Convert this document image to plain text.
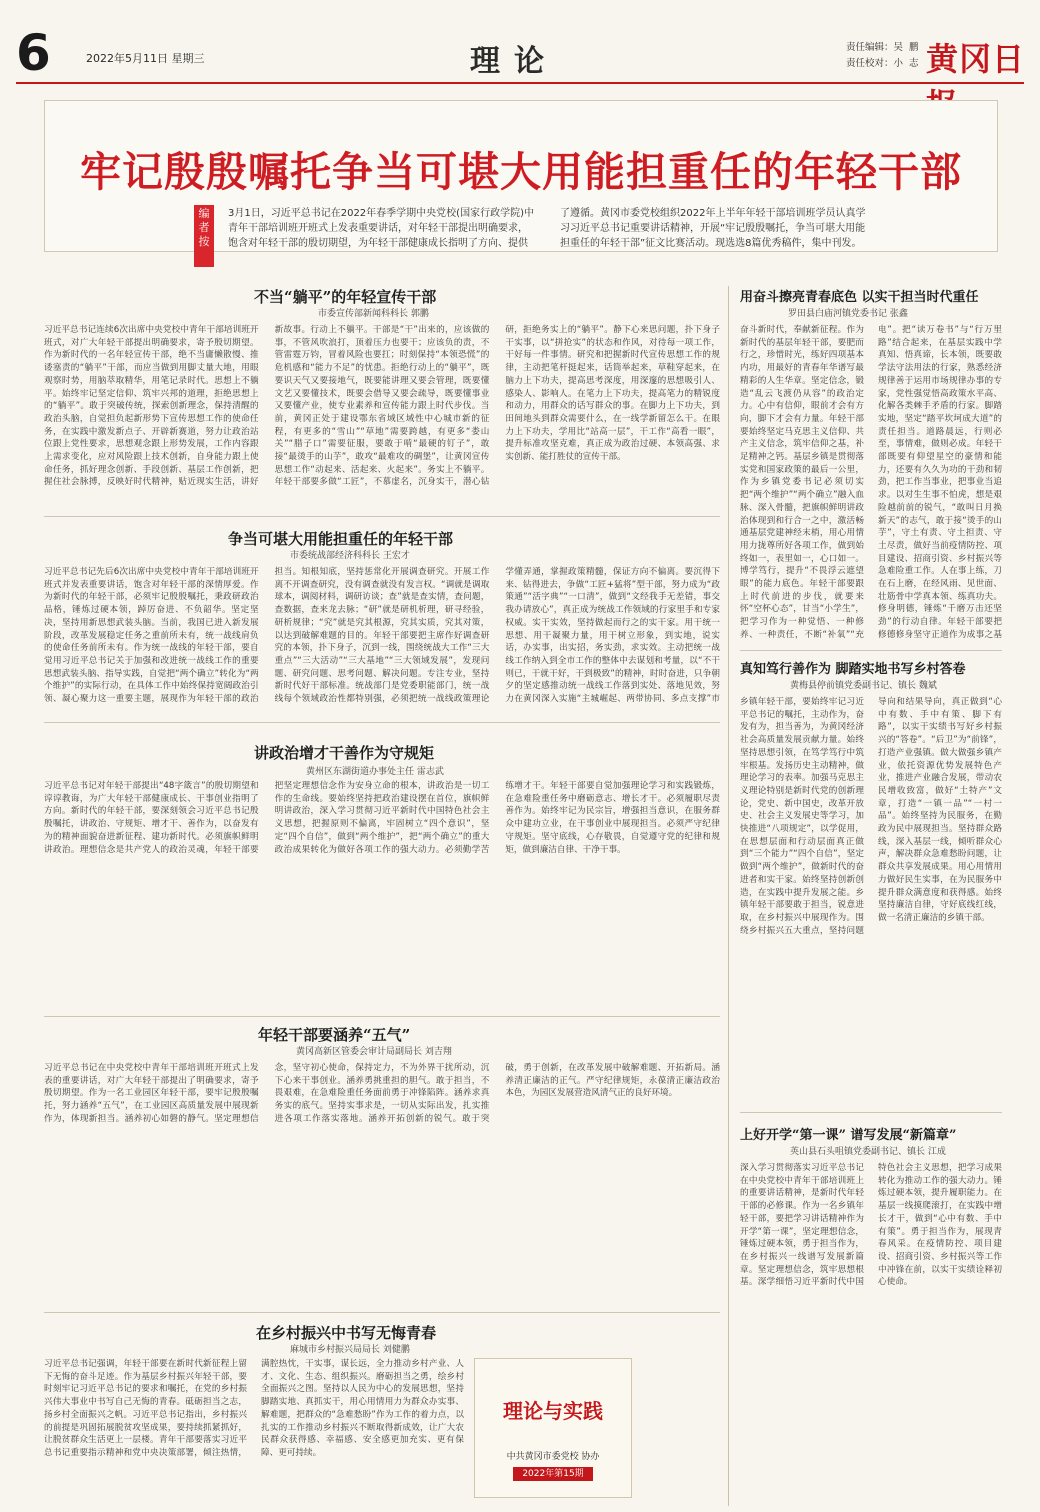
6	2022年5月11日 星期三	理论	责任编辑：吴  鹏
责任校对：小  志 黄冈日
牢记殷殷嘱托争当可堪大用能担重任的年轻干部
编者按
3月1日，习近平总书记在2022年春季学期中央党校(国家行政学院)中青年干部培训班开班式上发表重要讲话，对年轻干部提出明确要求，饱含对年轻干部的殷切期望，为年轻干部健康成长指明了方向、提供了遵循。黄冈市委党校组织2022年上半年年轻干部培训班学员认真学习习近平总书记重要讲话精神，开展“牢记殷殷嘱托，争当可堪大用能担重任的年轻干部”征文比赛活动。现选选8篇优秀稿件，集中刊发。
不当“躺平”的年轻宣传干部
市委宣传部新闻科科长 郭鹏
习近平总书记连续6次出席中央党校中青年干部培训班开班式，对广大年轻干部提出明确要求，寄予殷切期望。作为新时代的一名年轻宣传干部，绝不当庸懒散慢、推诿塞责的“躺平”干部，而应当做到用脚丈量大地，用眼观察时势，用脑萃取精华，用笔记录时代。思想上不躺平。始终牢记坚定信仰、筑牢兴邦的道理，拒绝思想上的“躺平”。敢于突破传统，探索创新理念，保持清醒的政治头脑，自觉担负起新形势下宣传思想工作的使命任务，在实践中激发新点子、开辟新赛道，努力让政治站位跟上党性要求，思想观念跟上形势发展，工作内容跟上需求变化，应对风险跟上技术创新，自身能力跟上使命任务，抓好理念创新、手段创新、基层工作创新，把握住社会脉搏，反映好时代精神，贴近现实生活，讲好新故事。行动上不躺平。干部是“干”出来的，应该做的事，不管风吹浪打，顶着压力也要干；应该负的责，不管雷霆万钧，冒着风险也要扛；时刻保持“本领恐慌”的危机感和“能力不足”的忧患。拒绝行动上的“躺平”，既要识天气又要接地气，既要能讲理又要会管理，既要懂文艺又要懂技术，既要会借导又要会疏导，既要懂事业又要懂产业，使专业素养和宣传能力跟上时代步伐。当前，黄冈正处于建设鄂东省域区域性中心城市新的征程，有更多的“雪山”“草地”需要跨越，有更多“娄山关”“腊子口”需要征服，要敢于啃“最硬的钉子”，敢接“最烫手的山芋”，敢攻“最难攻的碉堡”，让黄冈宣传思想工作“动起来、活起来、火起来”。务实上不躺平。年轻干部要多做“工匠”，不慕虚名，沉身实干，潜心钻研，拒绝务实上的“躺平”。静下心来思问题，扑下身子干实事，以“拼抢实”的状态和作风，对待每一项工作，干好每一件事情。研究和把握新时代宣传思想工作的规律，主动把笔杆挺起来，话筒举起来，草鞋穿起来，在脑力上下功夫，提高思考深度，用深邃的思想吸引人、感染人、影响人。在笔力上下功夫，提高笔力的精锐度和动力，用群众的话写群众的事。在脚力上下功夫，到田间地头到群众需要什么，在一线学新留怎么干。在眼力上下功夫，学用比“站高一层”，干工作“高看一眼”，提升标准攻坚克难，真正成为政治过硬、本领高强、求实创新、能打胜仗的宣传干部。
争当可堪大用能担重任的年轻干部
市委统战部经济科科长 王宏才
习近平总书记先后6次出席中央党校中青年干部培训班开班式并发表重要讲话，饱含对年轻干部的深情厚爱。作为新时代的年轻干部，必须牢记殷殷嘱托，秉政研政治品格，锤炼过硬本领，踔厉奋进、不负韶华。坚定坚决，坚持用新思想武装头脑。当前，我国已进入新发展阶段，改革发展稳定任务之重前所未有，统一战线肩负的使命任务前所未有。作为统一战线的年轻干部，要自觉用习近平总书记关于加强和改进统一战线工作的重要思想武装头脑、指导实践，自觉把“两个确立”转化为“两个维护”的实际行动，在具体工作中始终保持宽阔政治引领、凝心聚力这一重要主题，展现作为年轻干部的政治担当。知根知底，坚持惩常化开展调查研究。开展工作离不开调查研究，没有调查就没有发言权。“调就是调取球本，调阅材料，调研访谈；查”就是查实情，查问题，查数据，查来龙去脉；“研”就是研机析理，研寻经验，研析规律；“究”就是究其根源，究其实质，究其对策，以达到破解难题的目的。年轻干部要把主席作好调查研究的本领，扑下身子，沉到一线，围绕统战大工作“三大重点”“三大活动”“三大基地”“三大领域发展”，发现问题、研究问题、思考问题、解决问题。专注专业，坚持新时代好干部标准。统战部门是党委职能部门，统一战线每个领域政治性都特别强，必须把统一战线政策理论学懂弄通，掌握政策精髓，保证方向不偏离。要沉得下来、钻得进去，争做“工匠+猛将”型干部，努力成为“政策通”“活字典”“一口清”，做到“文经我手无差错，事交我办请放心”，真正成为统战工作领域的行家里手和专家权威。实干实效，坚持做起而行之的实干家。用干统一思想、用干凝聚力量，用干树立形象，到实地，说实话，办实事，出实招，务实劲，求实效。主动把统一战线工作纳入到全市工作的整体中去谋划和考量，以“不干则已，干就干好，干到极致”的精神，时时奋进，只争朝夕的坚定感推动统一战线工作落到实处、落地见效，努力在黄冈深入实施“主城崛起、两带协同、多点支撑”市
讲政治增才干善作为守规矩
黄州区东湖街道办事处主任 雷志武
习近平总书记对年轻干部提出“48字箴言”的殷切期望和谆谆教诲，为广大年轻干部健康成长、干事创业指明了方向。新时代的年轻干部，要深刻领会习近平总书记殷殷嘱托，讲政治、守规矩、增才干、善作为，以奋发有为的精神面貌奋进新征程、建功新时代。必须旗帜鲜明讲政治。理想信念是共产党人的政治灵魂，年轻干部要把坚定理想信念作为安身立命的根本，讲政治是一切工作的生命线。要始终坚持把政治建设摆在首位，旗帜鲜明讲政治，深入学习贯彻习近平新时代中国特色社会主义思想，把握原则不偏离，牢固树立“四个意识”，坚定“四个自信”，做到“两个维护”，把“两个确立”的重大政治成果转化为做好各项工作的强大动力。必须勤学苦练增才干。年轻干部要自觉加强理论学习和实践锻炼，在急难险重任务中磨砺意志、增长才干。必须履职尽责善作为。始终牢记为民宗旨，增强担当意识，在服务群众中建功立业，在干事创业中展现担当。必须严守纪律守规矩。坚守底线，心存敬畏，自觉遵守党的纪律和规矩，做到廉洁自律、干净干事。
年轻干部要涵养“五气”
黄冈高新区管委会审计局副局长 刘吉翔
习近平总书记在中央党校中青年干部培训班开班式上发表的重要讲话，对广大年轻干部提出了明确要求，寄予殷切期望。作为一名工业园区年轻干部，要牢记殷殷嘱托，努力涵养“五气”，在工业园区高质量发展中展现新作为，体现新担当。涵养初心如磐的静气。坚定理想信念，坚守初心使命，保持定力，不为外界干扰所动，沉下心来干事创业。涵养勇挑重担的胆气。敢于担当，不畏艰难，在急难险重任务面前勇于冲锋陷阵。涵养求真务实的底气。坚持实事求是，一切从实际出发，扎实推进各项工作落实落地。涵养开拓创新的锐气。敢于突破，勇于创新，在改革发展中破解难题、开拓新局。涵养清正廉洁的正气。严守纪律规矩，永葆清正廉洁政治本色，为园区发展营造风清气正的良好环境。
在乡村振兴中书写无悔青春
麻城市乡村振兴局局长 刘健鹏
习近平总书记强调，年轻干部要在新时代新征程上留下无悔的奋斗足迹。作为基层乡村振兴年轻干部，要时刻牢记习近平总书记的要求和嘱托，在党的乡村振兴伟大事业中书写自己无悔的青春。砥砺担当之志，扬乡村全面振兴之帆。习近平总书记指出，乡村振兴的前提是巩固拓展脱贫攻坚成果，要持续抓紧抓好，让脱贫群众生活更上一层楼。青年干部要落实习近平总书记重要指示精神和党中央决策部署，倾注热情，满腔热忱，干实事，谋长远，全力推动乡村产业、人才、文化、生态、组织振兴。磨砺担当之勇，绘乡村全面振兴之图。坚持以人民为中心的发展思想，坚持脚踏实地、真抓实干，用心用情用力为群众办实事、解难题，把群众的“急难愁盼”作为工作的着力点，以扎实的工作推动乡村振兴不断取得新成效，让广大农民群众获得感、幸福感、安全感更加充实、更有保障、更可持续。
理论与实践
中共黄冈市委党校 协办
2022年第15期
用奋斗擦亮青春底色 以实干担当时代重任
罗田县白庙河镇党委书记 张鑫
奋斗新时代，奉献新征程。作为新时代的基层年轻干部，要肥而行之，珍惜时光，练好四项基本内功，用最好的青春年华谱写最精彩的人生华章。坚定信念，锻造“乱云飞渡仍从容”的政治定力。心中有信仰，眼前才会有方向，脚下才会有力量。年轻干部要始终坚定马克思主义信仰、共产主义信念，筑牢信仰之基，补足精神之钙。基层乡镇是贯彻落实党和国家政策的最后一公里，作为乡镇党委书记必须切实把“两个维护”“两个确立”融入血脉、深入骨髓，把旗帜鲜明讲政治体现到和行合一之中，激活畅通基层党建神经末梢，用心用情用力拢尊所好各项工作，做到始终如一，表里如一，心口如一。博学笃行，提升“不畏浮云遮望眼”的能力底色。年轻干部要跟上时代前进的步伐，就要来怀“空杯心态”，甘当“小学生”，把学习作为一种觉悟、一种修养、一种责任，不断“补氧”“充电”。把“读万卷书”与“行万里路”结合起来，在基层实践中学真知、悟真谛，长本领，既要敢学法守法用法的行家，熟悉经济规律善于运用市场规律办事的专家，党性强觉悟高政策水平高、化解各类棘手矛盾的行家。脚踏实地，坚定“踏平坎坷成大道”的责任担当。道路晨远，行则必至，事情难，做则必成。年轻干部既要有仰望星空的豪情和能力，还要有久久为功的干劲和韧劲，把工作当事业，把事业当追求。以对生生事不怕虎，想是艰险越前前的锐气，“敢叫日月换新天”的志气，敢于接“烫手的山芋”，守土有责、守土担责、守土尽责，做好当前疫情防控、项目建设、招商引资、乡村振兴等急难险重工作。人在事上练，刀在石上磨，在经风雨、见世面、壮筋骨中学真本领、练真功夫。修身明德，锤炼“千磨万击还坚劲”的行动自律。年轻干部要把修德修身坚守正道作为成事之基
真知笃行善作为 脚踏实地书写乡村答卷
黄梅县停前镇党委副书记、镇长 魏斌
乡镇年轻干部，要始终牢记习近平总书记的嘱托，主动作为，奋发有为，担当善为，为黄冈经济社会高质量发展贡献力量。始终坚持思想引领，在笃学笃行中筑牢根基。发扬历史主动精神，做理论学习的表率。加强马克思主义理论特别是新时代党的创新理论，党史、新中国史，改革开放史、社会主义发展史等学习，加快推进“八项规定”，以学促用，在思想层面和行动层面真正做到“三个能力”“四个自信”，坚定做到“两个维护”，做新时代的奋进者和实干家。始终坚持创新创造，在实践中提升发展之能。乡镇年轻干部要敢于担当，锐意进取，在乡村振兴中展现作为。围绕乡村振兴五大重点，坚持问题导向和结果导向，真正做到“心中有数、手中有策、脚下有路”，以实干实绩书写好乡村振兴的“答卷”。“后卫”为“前锋”，打造产业强镇。做大做强乡镇产业，依托资源优势发展特色产业，推进产业融合发展，带动农民增收致富，做好“土特产”文章，打造“一镇一品”“一村一品”。始终坚持为民服务，在勤政为民中展现担当。坚持群众路线，深入基层一线，倾听群众心声，解决群众急难愁盼问题，让群众共享发展成果。用心用情用力做好民生实事，在为民服务中提升群众满意度和获得感。始终坚持廉洁自律，守好底线红线，做一名清正廉洁的乡镇干部。
上好开学“第一课” 谱写发展“新篇章”
英山县石头咀镇党委副书记、镇长 江成
深入学习贯彻落实习近平总书记在中央党校中青年干部培训班上的重要讲话精神，是新时代年轻干部的必修课。作为一名乡镇年轻干部，要把学习讲话精神作为开学“第一课”，坚定理想信念，锤炼过硬本领，勇于担当作为，在乡村振兴一线谱写发展新篇章。坚定理想信念，筑牢思想根基。深学细悟习近平新时代中国特色社会主义思想，把学习成果转化为推动工作的强大动力。锤炼过硬本领，提升履职能力。在基层一线摸爬滚打，在实践中增长才干，做到“心中有数、手中有策”。勇于担当作为，展现青春风采。在疫情防控、项目建设、招商引资、乡村振兴等工作中冲锋在前，以实干实绩诠释初心使命。
